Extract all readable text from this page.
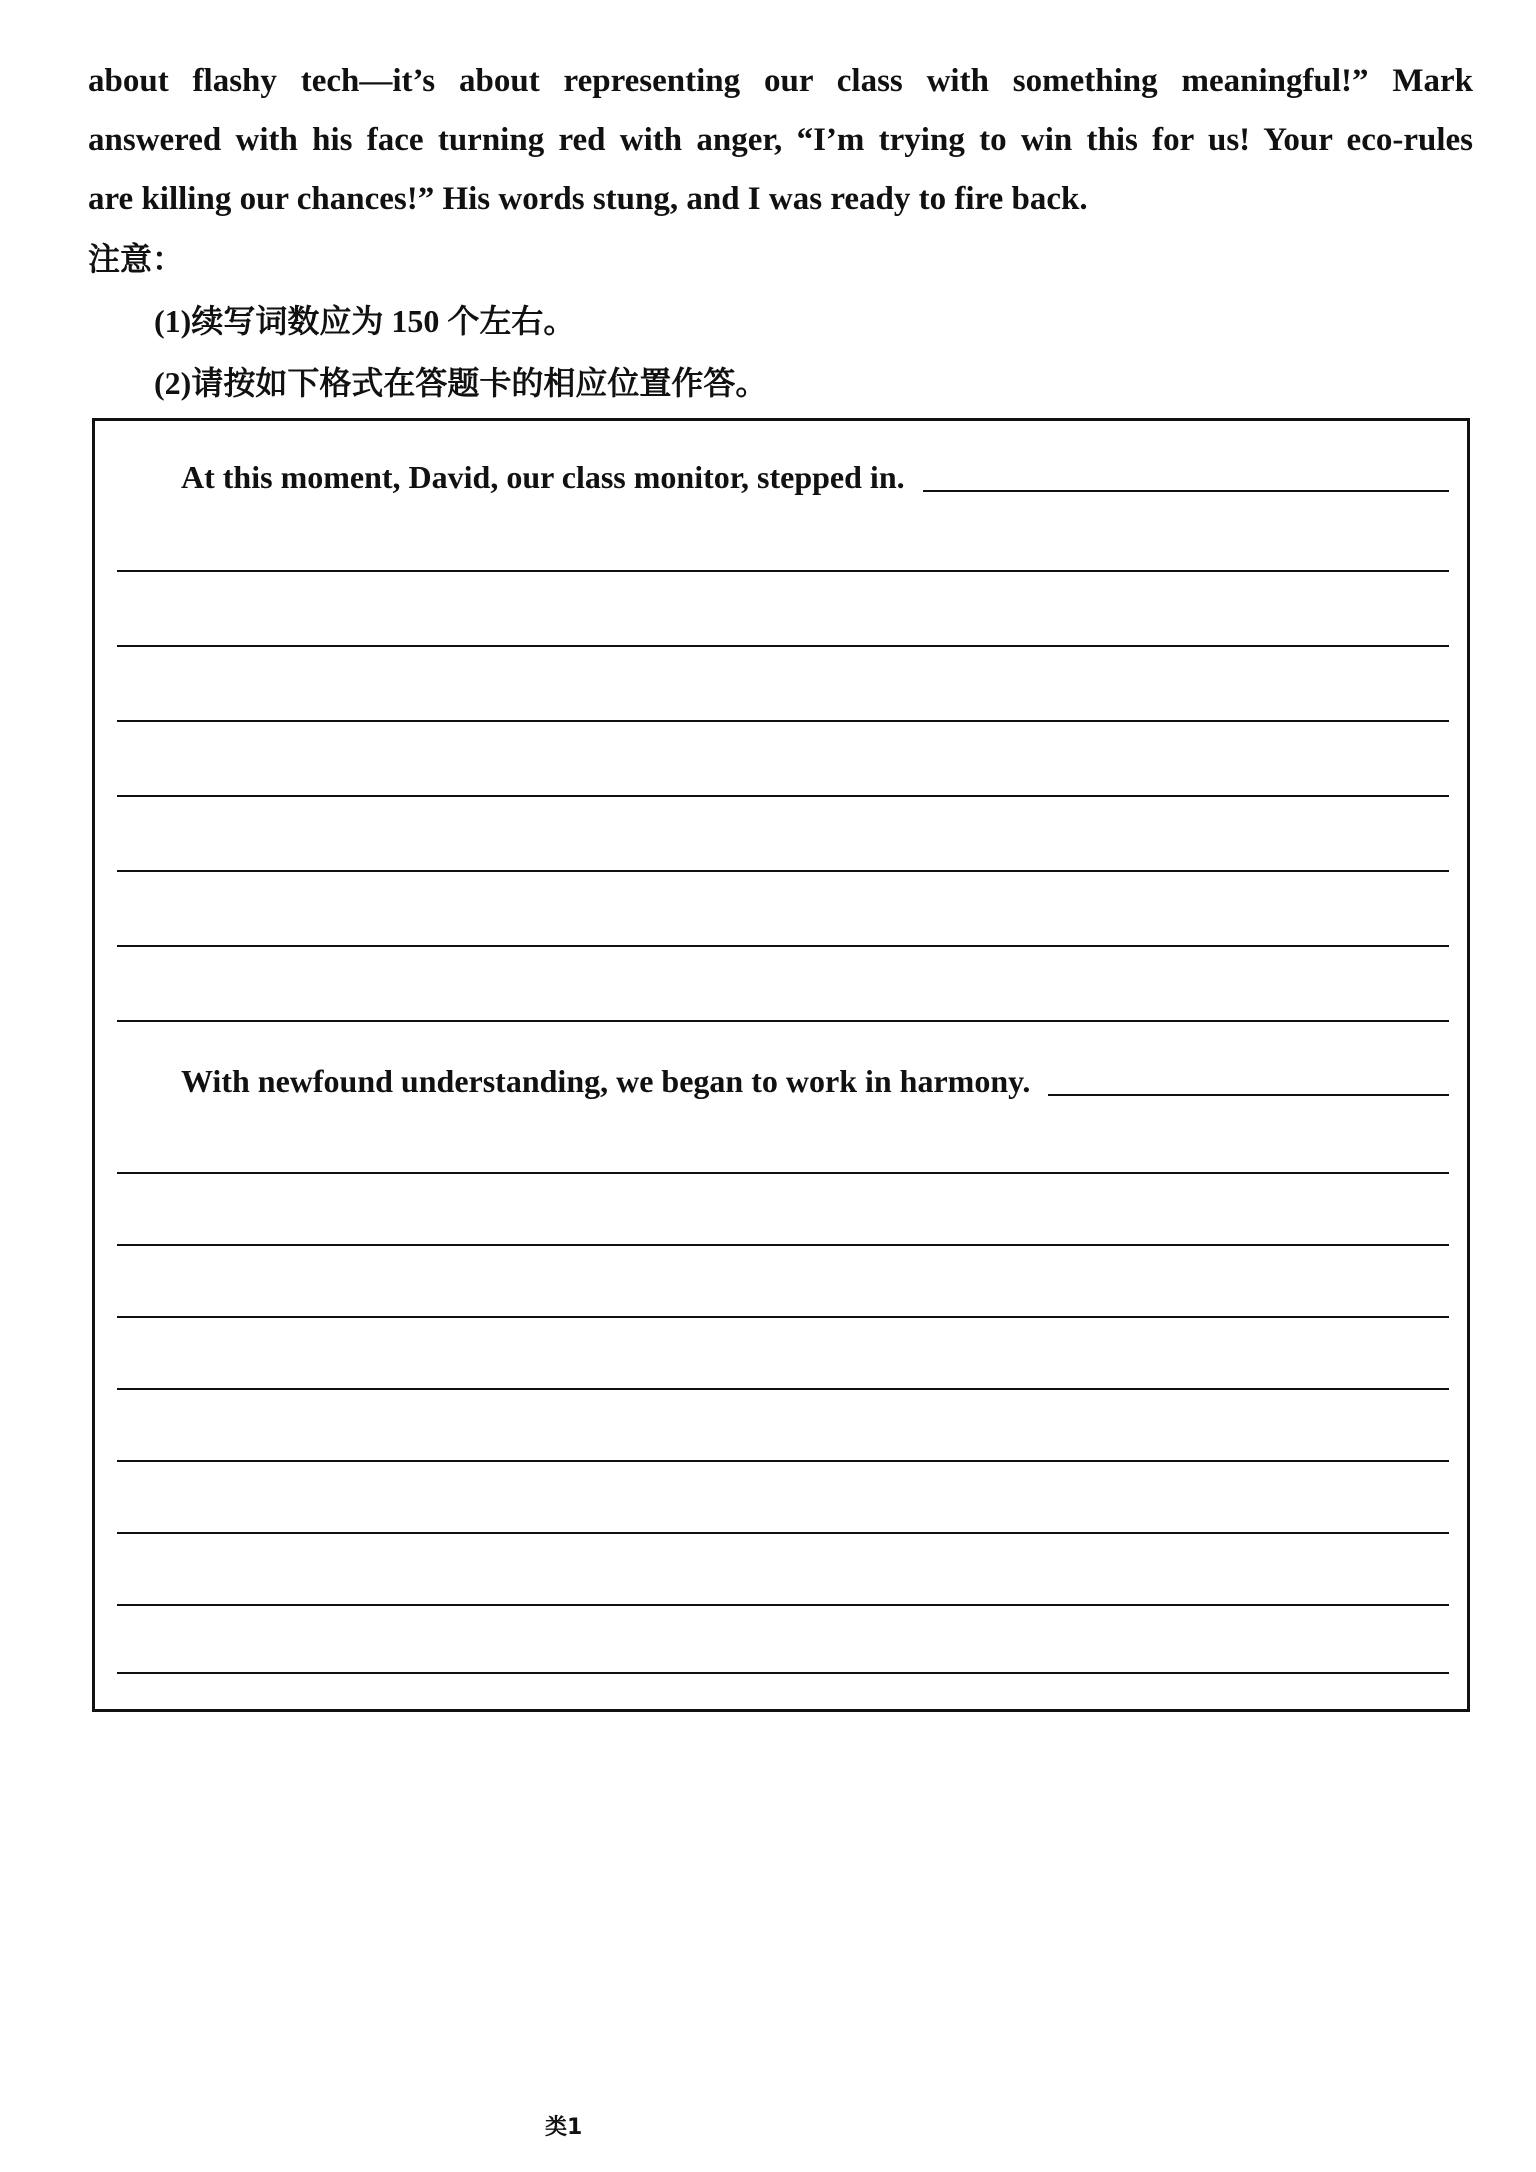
about flashy tech—it’s about representing our class with something meaningful!” Mark
answered with his face turning red with anger, “I’m trying to win this for us! Your eco-rules
are killing our chances!” His words stung, and I was ready to fire back.
注意：
(1)续写词数应为 150 个左右。
(2)请按如下格式在答题卡的相应位置作答。
At this moment, David, our class monitor, stepped in.
With newfound understanding, we began to work in harmony.
类1
